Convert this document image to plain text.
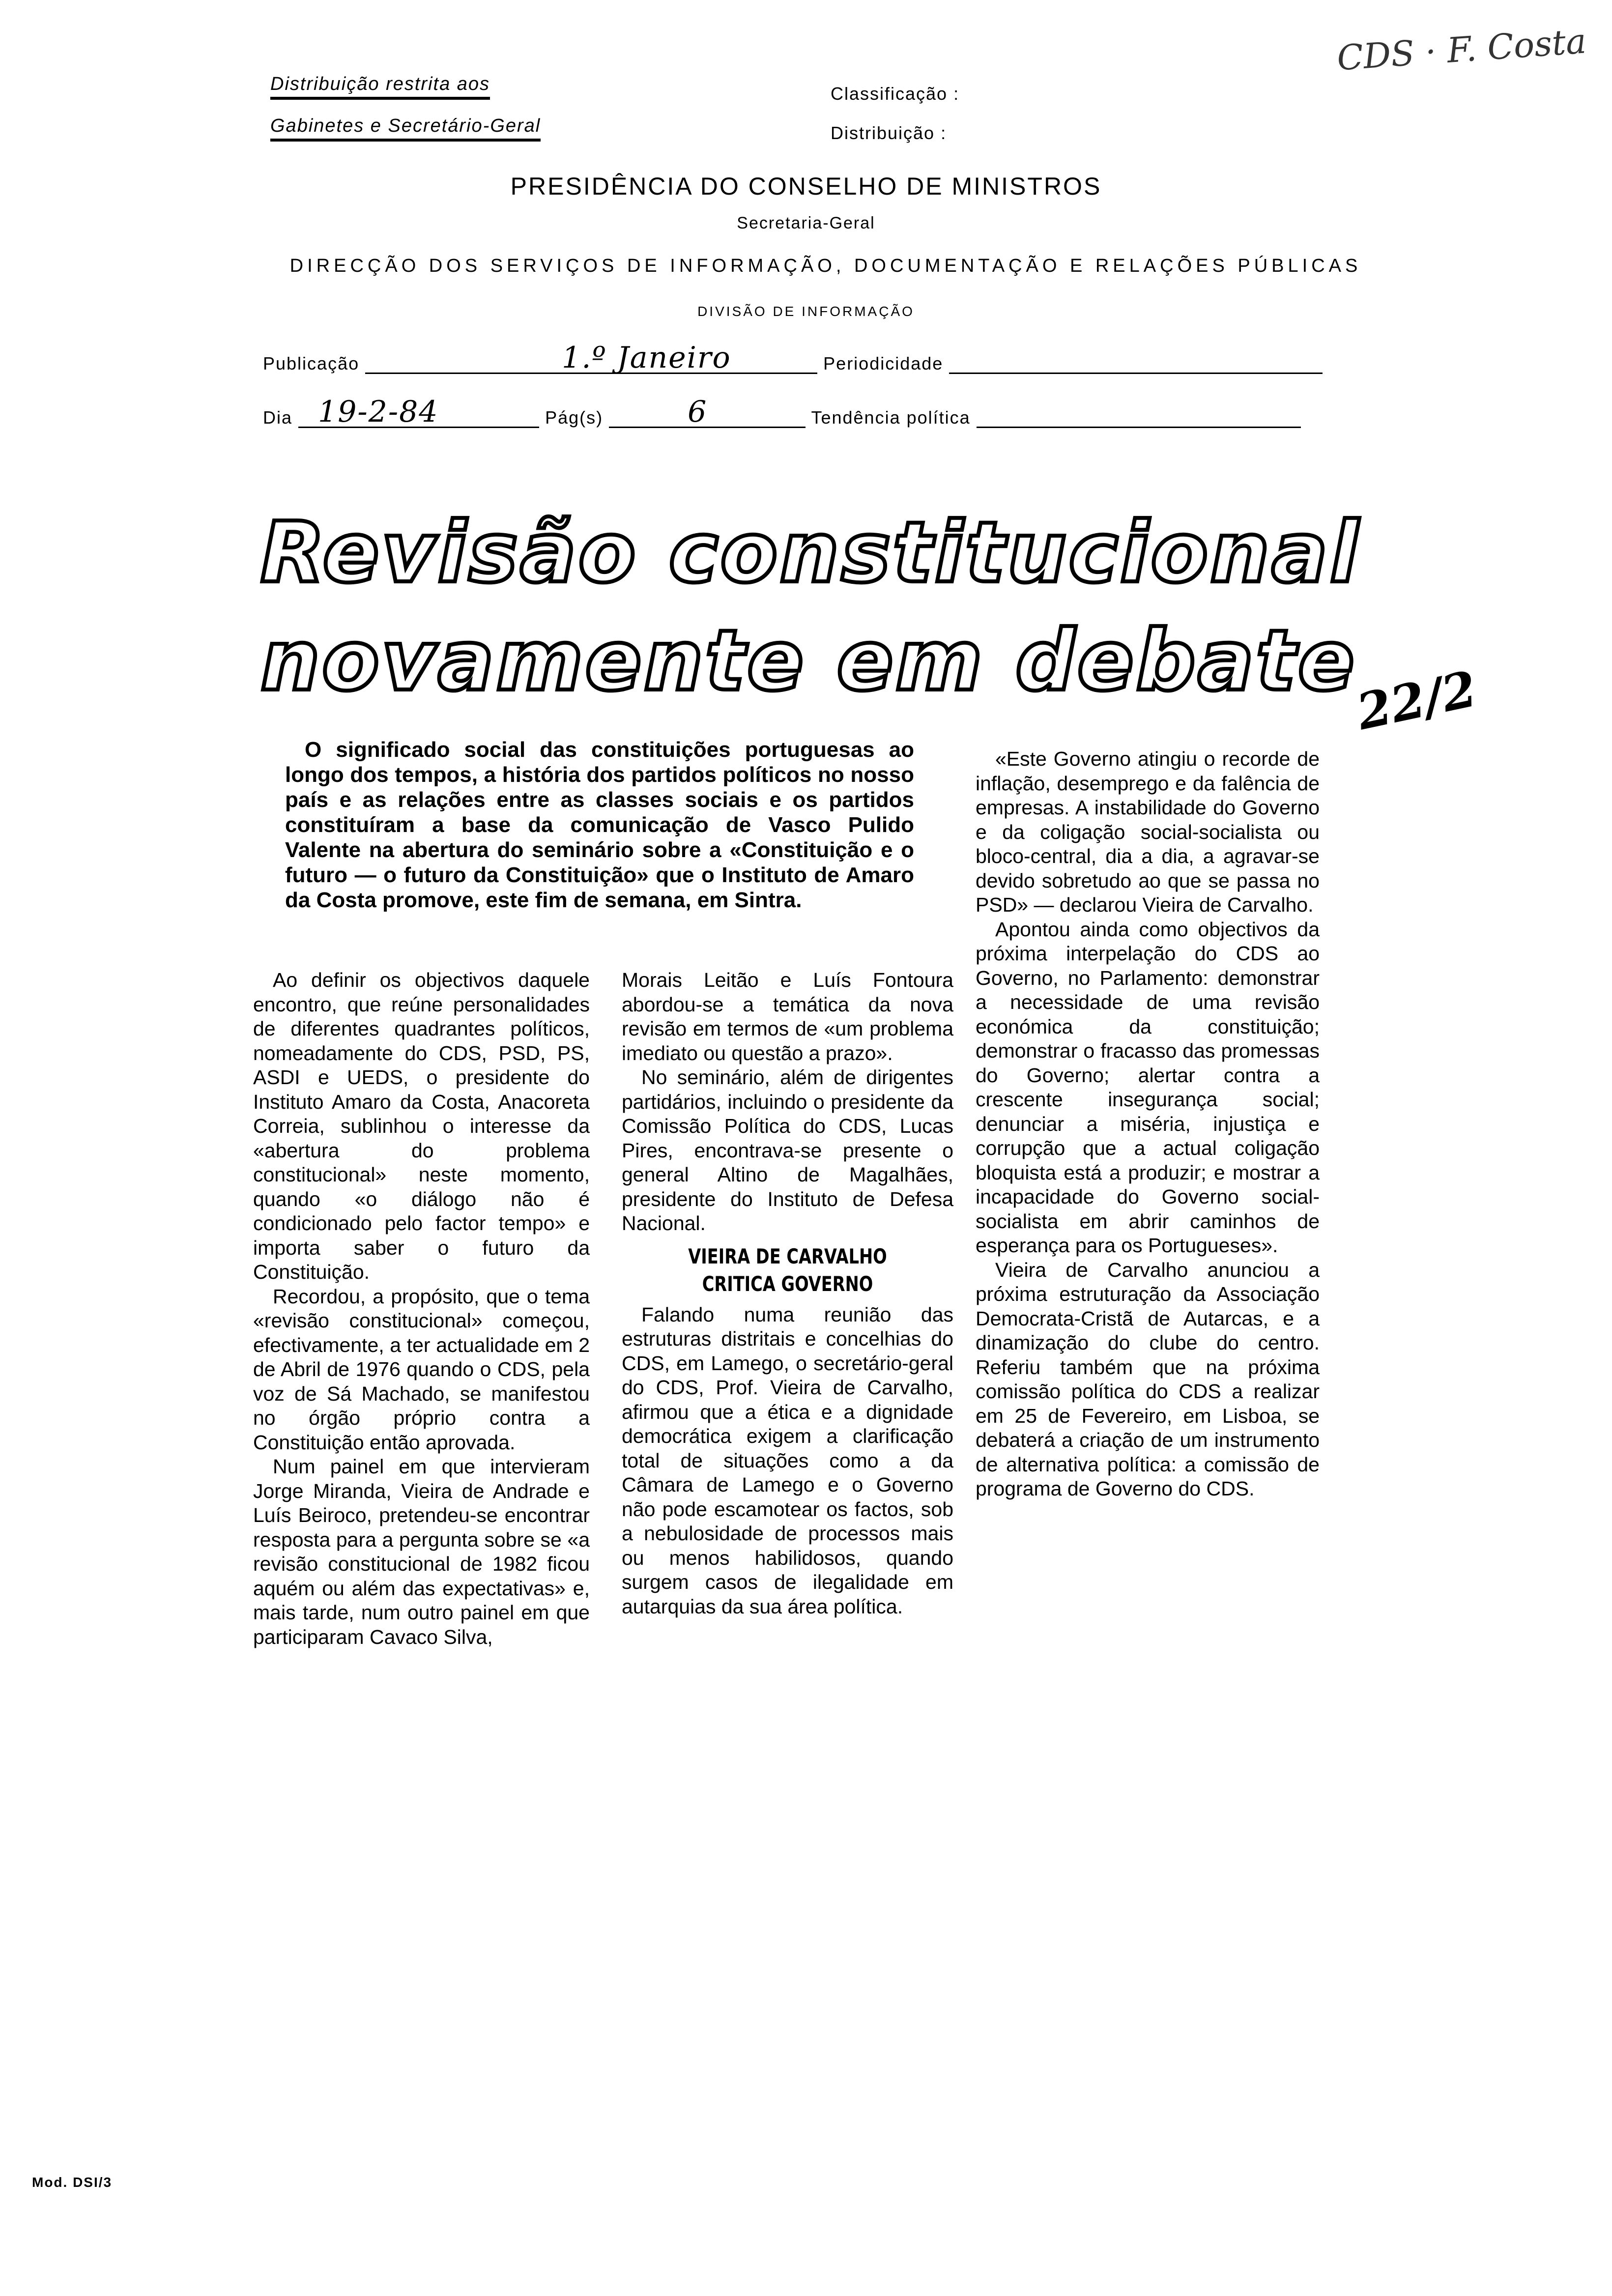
Distribuição restrita aos
Gabinetes e Secretário-Geral
Classificação :
Distribuição :
CDS · F. Costa
PRESIDÊNCIA DO CONSELHO DE MINISTROS
Secretaria-Geral
DIRECÇÃO DOS SERVIÇOS DE INFORMAÇÃO, DOCUMENTAÇÃO E RELAÇÕES PÚBLICAS
DIVISÃO DE INFORMAÇÃO
Publicação	1.º Janeiro	Periodicidade
Dia 19-2-84	Pág(s)	6	Tendência política
Revisão constitucional
novamente em debate
22/2
O significado social das constituições portuguesas ao longo dos tempos, a história dos partidos políticos no nosso país e as relações entre as classes sociais e os partidos constituíram a base da comunicação de Vasco Pulido Valente na abertura do seminário sobre a «Constituição e o futuro — o futuro da Constituição» que o Instituto de Amaro da Costa promove, este fim de semana, em Sintra.

Ao definir os objectivos daquele encontro, que reúne personalidades de diferentes quadrantes políticos, nomeadamente do CDS, PSD, PS, ASDI e UEDS, o presidente do Instituto Amaro da Costa, Anacoreta Correia, sublinhou o interesse da «abertura do problema constitucional» neste momento, quando «o diálogo não é condicionado pelo factor tempo» e importa saber o futuro da Constituição.

Recordou, a propósito, que o tema «revisão constitucional» começou, efectivamente, a ter actualidade em 2 de Abril de 1976 quando o CDS, pela voz de Sá Machado, se manifestou no órgão próprio contra a Constituição então aprovada.

Num painel em que intervieram Jorge Miranda, Vieira de Andrade e Luís Beiroco, pretendeu-se encontrar resposta para a pergunta sobre se «a revisão constitucional de 1982 ficou aquém ou além das expectativas» e, mais tarde, num outro painel em que participaram Cavaco Silva,

Morais Leitão e Luís Fontoura abordou-se a temática da nova revisão em termos de «um problema imediato ou questão a prazo».

No seminário, além de dirigentes partidários, incluindo o presidente da Comissão Política do CDS, Lucas Pires, encontrava-se presente o general Altino de Magalhães, presidente do Instituto de Defesa Nacional.

VIEIRA DE CARVALHO
CRITICA GOVERNO

Falando numa reunião das estruturas distritais e concelhias do CDS, em Lamego, o secretário-geral do CDS, Prof. Vieira de Carvalho, afirmou que a ética e a dignidade democrática exigem a clarificação total de situações como a da Câmara de Lamego e o Governo não pode escamotear os factos, sob a nebulosidade de processos mais ou menos habilidosos, quando surgem casos de ilegalidade em autarquias da sua área política.

«Este Governo atingiu o recorde de inflação, desemprego e da falência de empresas. A instabilidade do Governo e da coligação social-socialista ou bloco-central, dia a dia, a agravar-se devido sobretudo ao que se passa no PSD» — declarou Vieira de Carvalho.

Apontou ainda como objectivos da próxima interpelação do CDS ao Governo, no Parlamento: demonstrar a necessidade de uma revisão económica da constituição; demonstrar o fracasso das promessas do Governo; alertar contra a crescente insegurança social; denunciar a miséria, injustiça e corrupção que a actual coligação bloquista está a produzir; e mostrar a incapacidade do Governo social-socialista em abrir caminhos de esperança para os Portugueses».

Vieira de Carvalho anunciou a próxima estruturação da Associação Democrata-Cristã de Autarcas, e a dinamização do clube do centro. Referiu também que na próxima comissão política do CDS a realizar em 25 de Fevereiro, em Lisboa, se debaterá a criação de um instrumento de alternativa política: a comissão de programa de Governo do CDS.

Mod. DSI/3
